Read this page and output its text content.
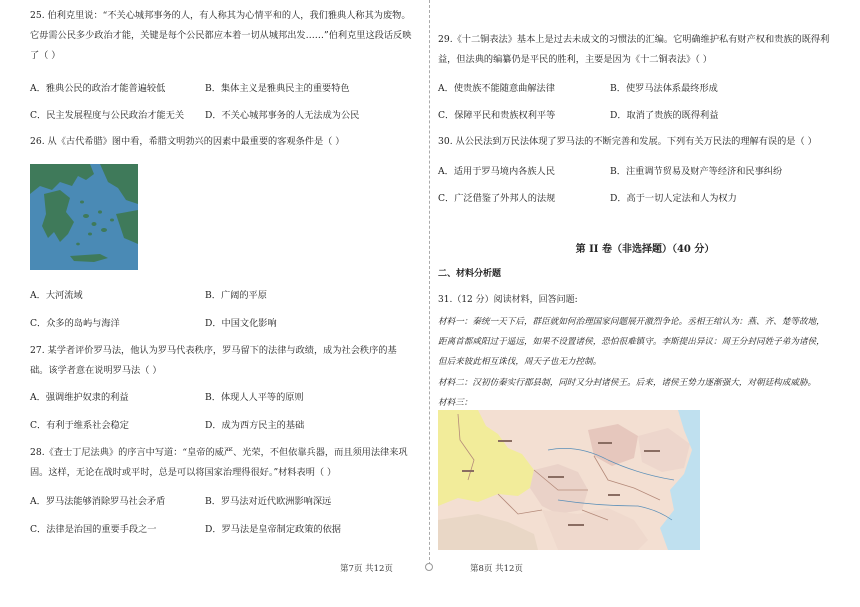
25. 伯利克里说：“不关心城邦事务的人，有人称其为心情平和的人，我们雅典人称其为废物。它毋需公民多少政治才能，关键是每个公民都应本着一切从城邦出发……”伯利克里这段话反映了（ ）
A．雅典公民的政治才能普遍较低	B．集体主义是雅典民主的重要特色
C．民主发展程度与公民政治才能无关 D．不关心城邦事务的人无法成为公民
26. 从《古代希腊》图中看，希腊文明勃兴的因素中最重要的客观条件是（ ）
A．大河流域	B．广阔的平原
C．众多的岛屿与海洋	D．中国文化影响
27. 某学者评价罗马法，他认为罗马代表秩序，罗马留下的法律与政绩，成为社会秩序的基础。该学者意在说明罗马法（ ）
A．强调维护奴隶的利益	B．体现人人平等的原则
C．有利于维系社会稳定	D．成为西方民主的基础
28.《査士丁尼法典》的序言中写道：“皇帝的威严、光荣，不但依靠兵器，而且须用法律来巩固。这样，无论在战时或平时，总是可以将国家治理得很好。”材料表明（ ）
A．罗马法能够消除罗马社会矛盾	B．罗马法对近代欧洲影响深远
C．法律是治国的重要手段之一	D．罗马法是皇帝制定政策的依据
第7页 共12页
29.《十二铜表法》基本上是过去未成文的习惯法的汇编。它明确维护私有财产权和贵族的既得利益，但法典的编纂仍是平民的胜利，主要是因为《十二铜表法》（ ）
A．使贵族不能随意曲解法律	B．使罗马法体系最终形成
C．保障平民和贵族权利平等	D．取消了贵族的既得利益
30. 从公民法到万民法体现了罗马法的不断完善和发展。下列有关万民法的理解有误的是（ ）
A．适用于罗马境内各族人民	B．注重调节贸易及财产等经济和民事纠纷
C．广泛借鉴了外邦人的法规	D．高于一切人定法和人为权力
第 II 卷（非选择题）（40 分）
二、材料分析题
31.（12 分）阅读材料，回答问题:
材料一：秦统一天下后，群臣就如何治理国家问题展开激烈争论。丞相王绾认为：燕、齐、楚等故地，距离首都咸阳过于遥远，如果不设置诸侯，恐怕很难镇守。李斯提出异议：周王分封同姓子弟为诸侯，但后来彼此相互诛伐，周天子也无力控制。
材料二：汉初仿秦实行郡县制，同时又分封诸侯王。后来，诸侯王势力逐渐强大，对朝廷构成威胁。
材料三：
第8页 共12页
